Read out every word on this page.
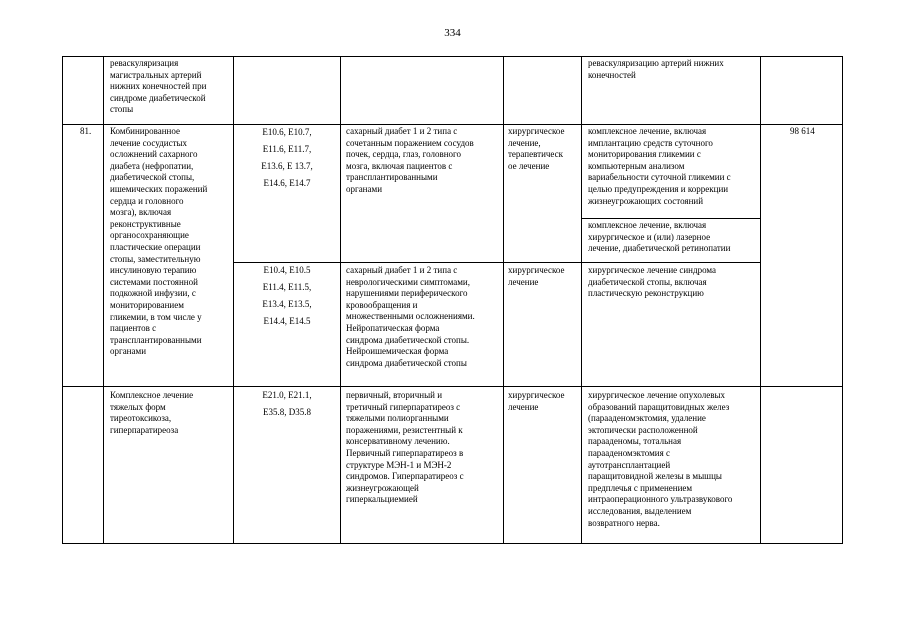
334
реваскуляризация
магистральных артерий
нижних конечностей при
синдроме диабетической
стопы
реваскуляризацию артерий нижних
конечностей
81.	Комбинированное
лечение сосудистых
осложнений сахарного
диабета (нефропатии,
диабетической стопы,
ишемических поражений
сердца и головного
мозга), включая
реконструктивные
органосохраняющие
пластические операции
стопы, заместительную
инсулиновую терапию
системами постоянной
подкожной инфузии, с
мониторированием
гликемии, в том числе у
пациентов с
трансплантированными
органами
98 614
E10.6, E10.7,
E11.6, E11.7,
E13.6, E 13.7,
E14.6, E14.7
сахарный диабет 1 и 2 типа с
сочетанным поражением сосудов
почек, сердца, глаз, головного
мозга, включая пациентов с
трансплантированными
органами
хирургическое
лечение,
терапевтическ
ое лечение
комплексное лечение, включая
имплантацию средств суточного
мониторирования гликемии с
компьютерным анализом
вариабельности суточной гликемии с
целью предупреждения и коррекции
жизнеугрожающих состояний
комплексное лечение, включая
хирургическое и (или) лазерное
лечение, диабетической ретинопатии
E10.4, E10.5
E11.4, E11.5,
E13.4, E13.5,
E14.4, E14.5
сахарный диабет 1 и 2 типа с
неврологическими симптомами,
нарушениями периферического
кровообращения и
множественными осложнениями.
Нейропатическая форма
синдрома диабетической стопы.
Нейроишемическая форма
синдрома диабетической стопы
хирургическое
лечение
хирургическое лечение синдрома
диабетической стопы, включая
пластическую реконструкцию
Комплексное лечение
тяжелых форм
тиреотоксикоза,
гиперпаратиреоза
E21.0, E21.1,
E35.8, D35.8
первичный, вторичный и
третичный гиперпаратиреоз с
тяжелыми полиорганными
поражениями, резистентный к
консервативному лечению.
Первичный гиперпаратиреоз в
структуре МЭН-1 и МЭН-2
синдромов. Гиперпаратиреоз с
жизнеугрожающей
гиперкальциемией
хирургическое
лечение
хирургическое лечение опухолевых
образований паращитовидных желез
(парааденомэктомия, удаление
эктопически расположенной
парааденомы, тотальная
парааденомэктомия с
аутотрансплантацией
паращитовидной железы в мышцы
предплечья с применением
интраоперационного ультразвукового
исследования, выделением
возвратного нерва.
